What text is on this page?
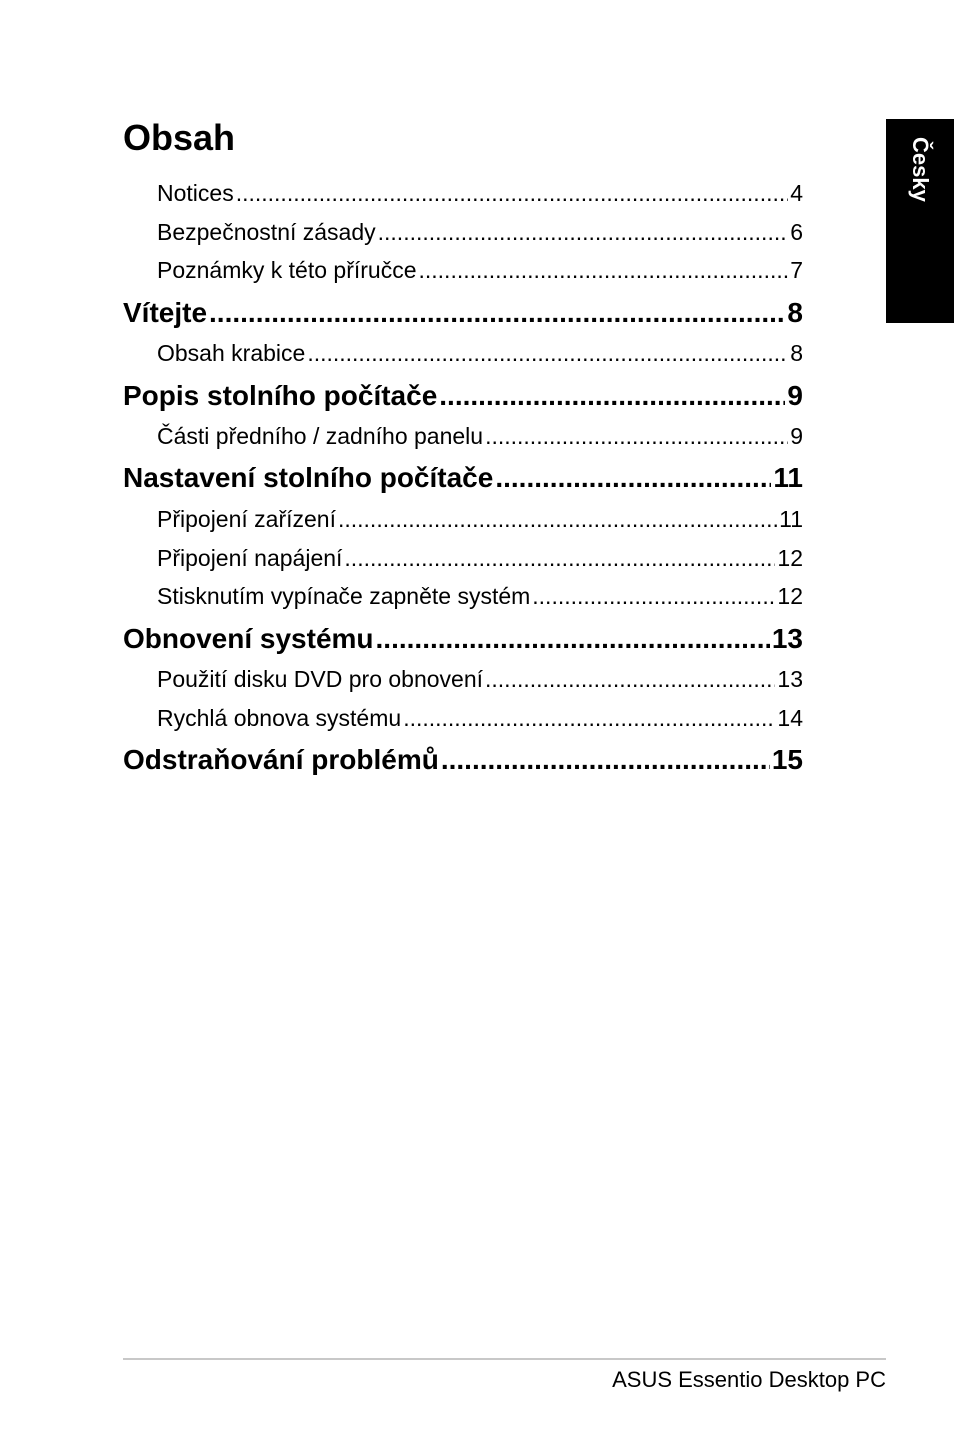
Obsah
Notices .....	4
Bezpečnostní zásady .....	6
Poznámky k této příručce .....	7
Vítejte .....	8
Obsah krabice .....	8
Popis stolního počítače .....	9
Části předního / zadního panelu .....	9
Nastavení stolního počítače .....	11
Připojení zařízení .....	11
Připojení napájení .....	12
Stisknutím vypínače zapněte systém .....	12
Obnovení systému .....	13
Použití disku DVD pro obnovení .....	13
Rychlá obnova systému .....	14
Odstraňování problémů .....	15
Česky
ASUS Essentio Desktop PC
